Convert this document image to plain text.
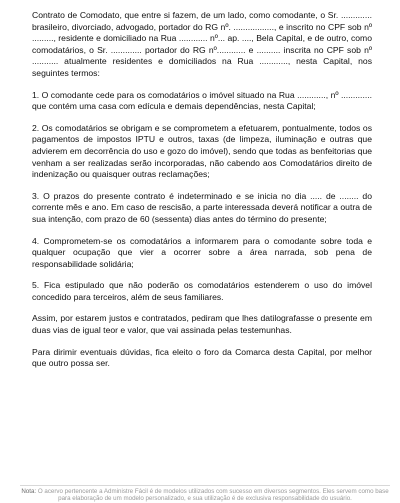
Contrato de Comodato, que entre si fazem, de um lado, como comodante, o Sr. ............. brasileiro, divorciado, advogado, portador do RG nº. ................., e inscrito no CPF sob nº ........., residente e domiciliado na Rua ............ nº... ap. ...., Bela Capital, e de outro, como comodatários, o Sr. ............. portador do RG nº............ e .......... inscrita no CPF sob nº ........... atualmente residentes e domiciliados na Rua ............, nesta Capital, nos seguintes termos:

1. O comodante cede para os comodatários o imóvel situado na Rua ............, nº ............. que contém uma casa com edícula e demais dependências, nesta Capital;

2. Os comodatários se obrigam e se comprometem a efetuarem, pontualmente, todos os pagamentos de impostos IPTU e outros, taxas (de limpeza, iluminação e outras que advierem em decorrência do uso e gozo do imóvel), sendo que todas as benfeitorias que venham a ser realizadas serão incorporadas, não cabendo aos Comodatários direito de indenização ou quaisquer outras reclamações;

3. O prazos do presente contrato é indeterminado e se inicia no dia ..... de ........ do corrente mês e ano. Em caso de rescisão, a parte interessada deverá notificar a outra de sua intenção, com prazo de 60 (sessenta) dias antes do término do presente;

4. Comprometem-se os comodatários a informarem para o comodante sobre toda e qualquer ocupação que vier a ocorrer sobre a área narrada, sob pena de responsabilidade solidária;

5. Fica estipulado que não poderão os comodatários estenderem o uso do imóvel concedido para terceiros, além de seus familiares.

Assim, por estarem justos e contratados, pediram que lhes datilografasse o presente em duas vias de igual teor e valor, que vai assinada pelas testemunhas.

Para dirimir eventuais dúvidas, fica eleito o foro da Comarca desta Capital, por melhor que outro possa ser.

Nota: O acervo pertencente a Administre Fácil é de modelos utilizados com sucesso em diversos segmentos. Eles servem como base para elaboração de um modelo personalizado, e sua utilização é de exclusiva responsabilidade do usuário.
